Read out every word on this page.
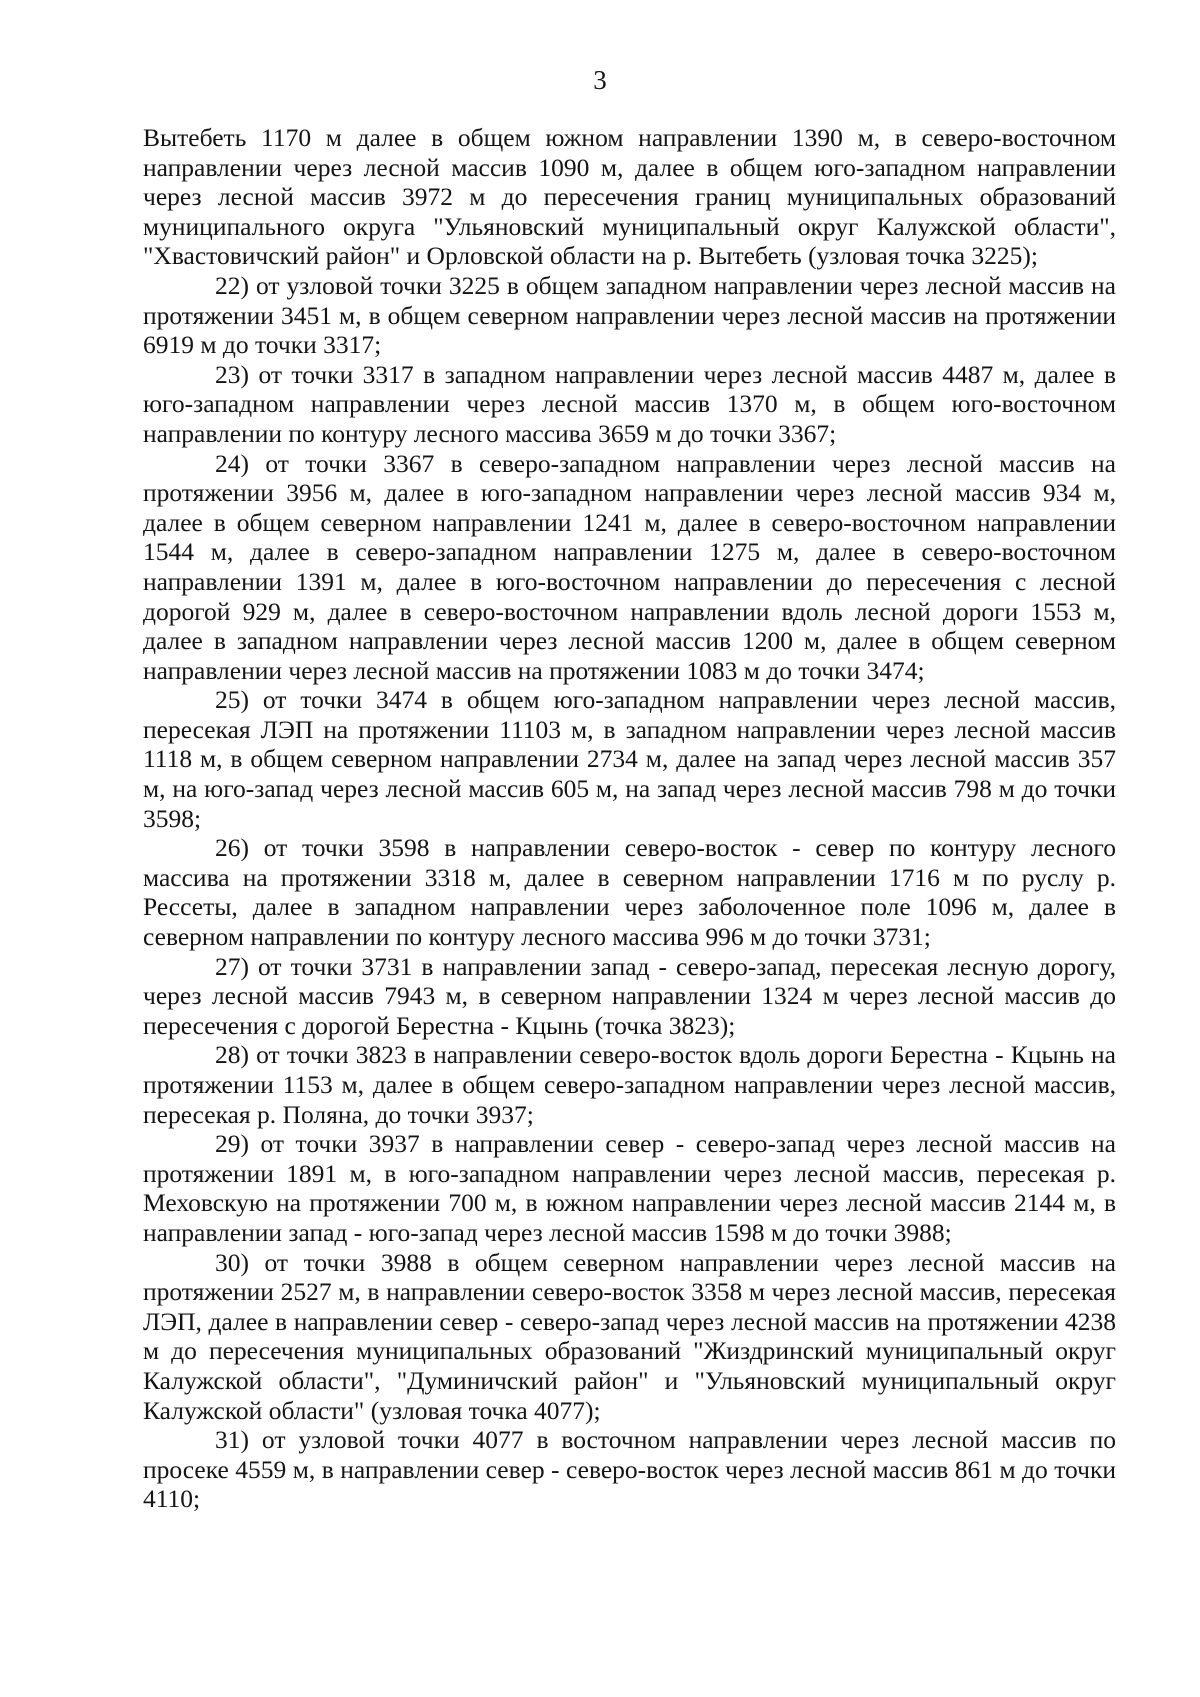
3

Вытебеть 1170 м далее в общем южном направлении 1390 м, в северо-восточном направлении через лесной массив 1090 м, далее в общем юго-западном направлении через лесной массив 3972 м до пересечения границ муниципальных образований муниципального округа "Ульяновский муниципальный округ Калужской области", "Хвастовичский район" и Орловской области на р. Вытебеть (узловая точка 3225);

22) от узловой точки 3225 в общем западном направлении через лесной массив на протяжении 3451 м, в общем северном направлении через лесной массив на протяжении 6919 м до точки 3317;

23) от точки 3317 в западном направлении через лесной массив 4487 м, далее в юго-западном направлении через лесной массив 1370 м, в общем юго-восточном направлении по контуру лесного массива 3659 м до точки 3367;

24) от точки 3367 в северо-западном направлении через лесной массив на протяжении 3956 м, далее в юго-западном направлении через лесной массив 934 м, далее в общем северном направлении 1241 м, далее в северо-восточном направлении 1544 м, далее в северо-западном направлении 1275 м, далее в северо-восточном направлении 1391 м, далее в юго-восточном направлении до пересечения с лесной дорогой 929 м, далее в северо-восточном направлении вдоль лесной дороги 1553 м, далее в западном направлении через лесной массив 1200 м, далее в общем северном направлении через лесной массив на протяжении 1083 м до точки 3474;

25) от точки 3474 в общем юго-западном направлении через лесной массив, пересекая ЛЭП на протяжении 11103 м, в западном направлении через лесной массив 1118 м, в общем северном направлении 2734 м, далее на запад через лесной массив 357 м, на юго-запад через лесной массив 605 м, на запад через лесной массив 798 м до точки 3598;

26) от точки 3598 в направлении северо-восток - север по контуру лесного массива на протяжении 3318 м, далее в северном направлении 1716 м по руслу р. Рессеты, далее в западном направлении через заболоченное поле 1096 м, далее в северном направлении по контуру лесного массива 996 м до точки 3731;

27) от точки 3731 в направлении запад - северо-запад, пересекая лесную дорогу, через лесной массив 7943 м, в северном направлении 1324 м через лесной массив до пересечения с дорогой Берестна - Кцынь (точка 3823);

28) от точки 3823 в направлении северо-восток вдоль дороги Берестна - Кцынь на протяжении 1153 м, далее в общем северо-западном направлении через лесной массив, пересекая р. Поляна, до точки 3937;

29) от точки 3937 в направлении север - северо-запад через лесной массив на протяжении 1891 м, в юго-западном направлении через лесной массив, пересекая р. Меховскую на протяжении 700 м, в южном направлении через лесной массив 2144 м, в направлении запад - юго-запад через лесной массив 1598 м до точки 3988;

30) от точки 3988 в общем северном направлении через лесной массив на протяжении 2527 м, в направлении северо-восток 3358 м через лесной массив, пересекая ЛЭП, далее в направлении север - северо-запад через лесной массив на протяжении 4238 м до пересечения муниципальных образований "Жиздринский муниципальный округ Калужской области", "Думиничский район" и "Ульяновский муниципальный округ Калужской области" (узловая точка 4077);

31) от узловой точки 4077 в восточном направлении через лесной массив по просеке 4559 м, в направлении север - северо-восток через лесной массив 861 м до точки 4110;
